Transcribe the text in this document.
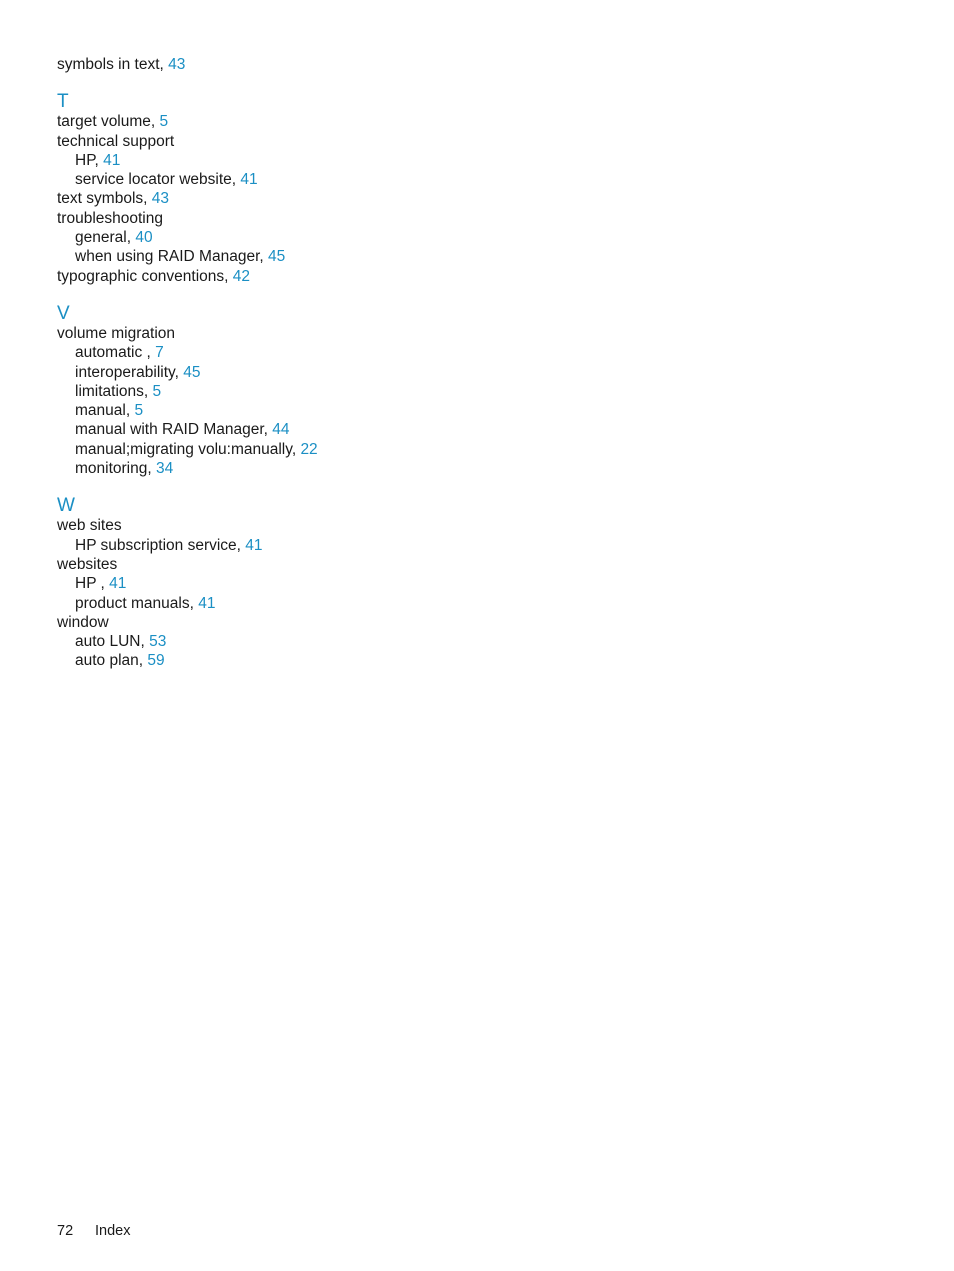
symbols in text, 43
T
target volume, 5
technical support
HP, 41
service locator website, 41
text symbols, 43
troubleshooting
general, 40
when using RAID Manager, 45
typographic conventions, 42
V
volume migration
automatic , 7
interoperability, 45
limitations, 5
manual, 5
manual with RAID Manager, 44
manual;migrating volu:manually, 22
monitoring, 34
W
web sites
HP subscription service, 41
websites
HP , 41
product manuals, 41
window
auto LUN, 53
auto plan, 59
72 Index
